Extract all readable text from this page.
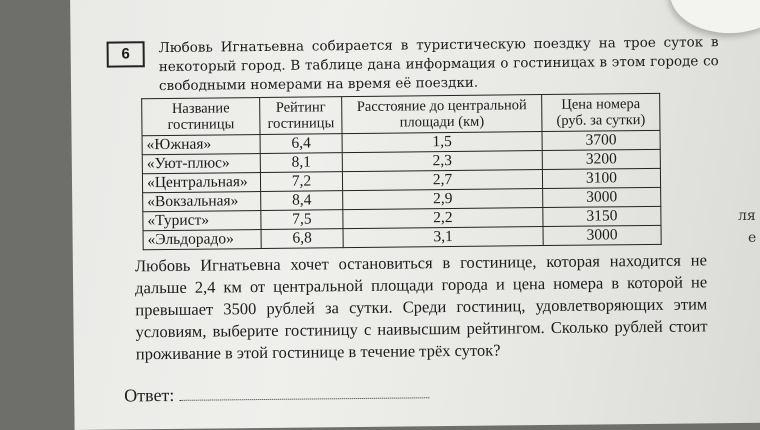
6	Любовь Игнатьевна собирается в туристическую поездку на трое суток в некоторый город. В таблице дана информация о гостиницах в этом городе со свободными номерами на время её поездки.
Название гостиницы	Рейтинг гостиницы	Расстояние до центральной площади (км)	Цена номера (руб. за сутки)
«Южная»	6,4	1,5	3700
«Уют-плюс»	8,1	2,3	3200
«Центральная»	7,2	2,7	3100
«Вокзальная»	8,4	2,9	3000
«Турист»	7,5	2,2	3150
«Эльдорадо»	6,8	3,1	3000
Любовь Игнатьевна хочет остановиться в гостинице, которая находится не дальше 2,4 км от центральной площади города и цена номера в которой не превышает 3500 рублей за сутки. Среди гостиниц, удовлетворяющих этим условиям, выберите гостиницу с наивысшим рейтингом. Сколько рублей стоит проживание в этой гостинице в течение трёх суток?
Ответ:
ля
е
